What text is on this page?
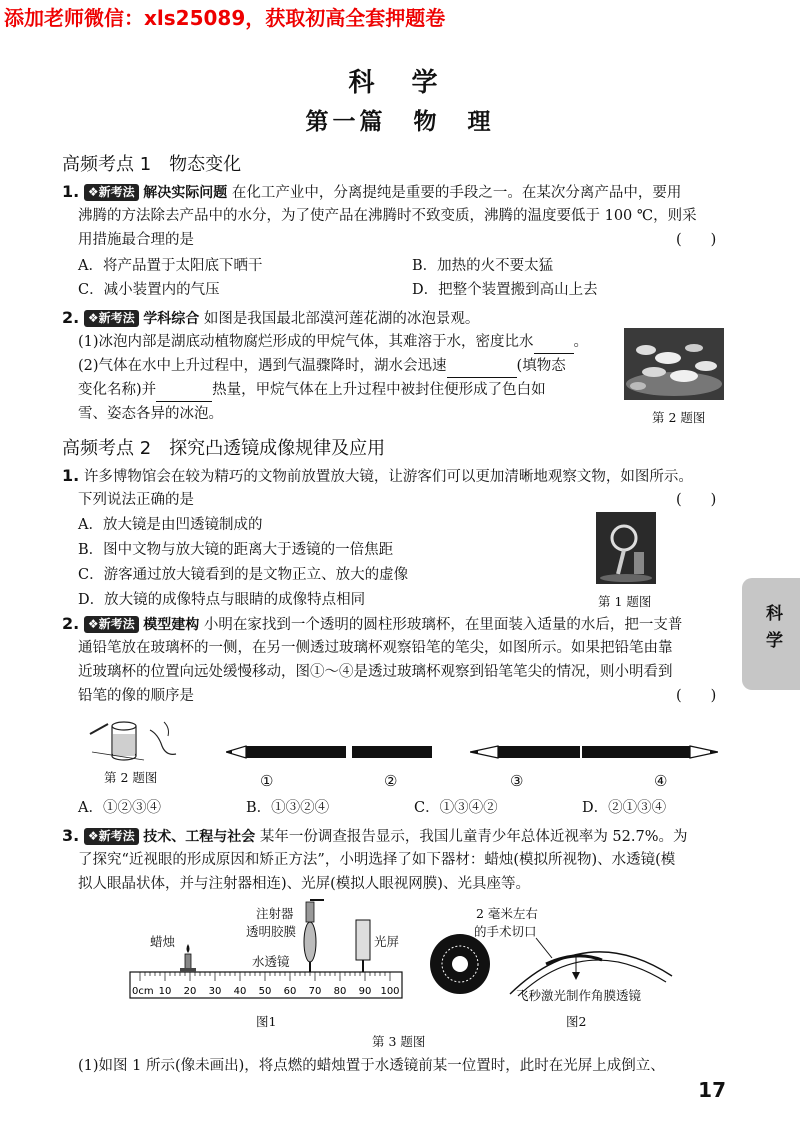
添加老师微信：xls25089，获取初高全套押题卷
科 学
第一篇　物　理
高频考点 1　物态变化
1. ❖新考法 解决实际问题 在化工产业中，分离提纯是重要的手段之一。在某次分离产品中，要用
沸腾的方法除去产品中的水分，为了使产品在沸腾时不致变质，沸腾的温度要低于 100 ℃，则采
用措施最合理的是	(　　)
A．将产品置于太阳底下晒干	B．加热的火不要太猛
C．减小装置内的气压	D．把整个装置搬到高山上去
2. ❖新考法 学科综合 如图是我国最北部漠河莲花湖的冰泡景观。
(1)冰泡内部是湖底动植物腐烂形成的甲烷气体，其难溶于水，密度比水	。
(2)气体在水中上升过程中，遇到气温骤降时，湖水会迅速	(填物态
变化名称)并	热量，甲烷气体在上升过程中被封住便形成了色白如
雪、姿态各异的冰泡。	第 2 题图
高频考点 2　探究凸透镜成像规律及应用
1. 许多博物馆会在较为精巧的文物前放置放大镜，让游客们可以更加清晰地观察文物，如图所示。
下列说法正确的是	(　　)
A．放大镜是由凹透镜制成的
B．图中文物与放大镜的距离大于透镜的一倍焦距
C．游客通过放大镜看到的是文物正立、放大的虚像
D．放大镜的成像特点与眼睛的成像特点相同	第 1 题图
2. ❖新考法 模型建构 小明在家找到一个透明的圆柱形玻璃杯，在里面装入适量的水后，把一支普
通铅笔放在玻璃杯的一侧，在另一侧透过玻璃杯观察铅笔的笔尖，如图所示。如果把铅笔由靠
近玻璃杯的位置向远处缓慢移动，图①～④是透过玻璃杯观察到铅笔笔尖的情况，则小明看到
铅笔的像的顺序是	(　　)
第 2 题图	①	②	③	④
A．①②③④	B．①③②④	C．①③④②	D．②①③④
3. ❖新考法 技术、工程与社会 某年一份调查报告显示，我国儿童青少年总体近视率为 52.7%。为
了探究“近视眼的形成原因和矫正方法”，小明选择了如下器材：蜡烛(模拟所视物)、水透镜(模
拟人眼晶状体，并与注射器相连)、光屏(模拟人眼视网膜)、光具座等。
0cm 10 20 30 40 50 60 70 80 90 100
注射器
透明胶膜
水透镜
蜡烛	光屏
图1
2 毫米左右
的手术切口
飞秒激光制作角膜透镜
图2
第 3 题图
(1)如图 1 所示(像未画出)，将点燃的蜡烛置于水透镜前某一位置时，此时在光屏上成倒立、
科学
17
